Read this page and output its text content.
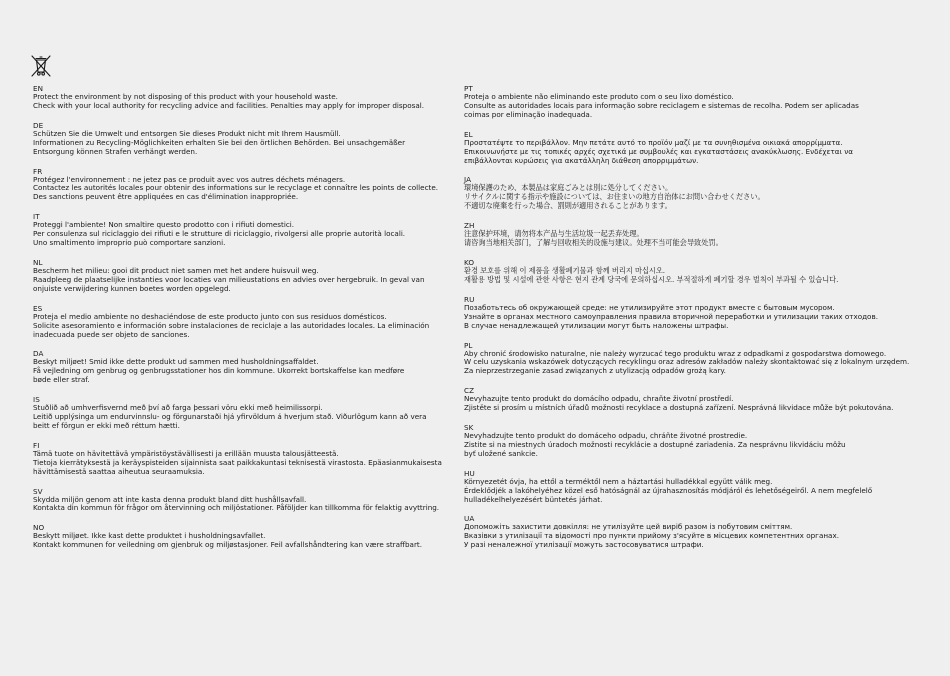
EN
Protect the environment by not disposing of this product with your household waste.
Check with your local authority for recycling advice and facilities. Penalties may apply for improper disposal.
DE
Schützen Sie die Umwelt und entsorgen Sie dieses Produkt nicht mit Ihrem Hausmüll.
Informationen zu Recycling-Möglichkeiten erhalten Sie bei den örtlichen Behörden. Bei unsachgemäßer
Entsorgung können Strafen verhängt werden.
FR
Protégez l'environnement : ne jetez pas ce produit avec vos autres déchets ménagers.
Contactez les autorités locales pour obtenir des informations sur le recyclage et connaître les points de collecte.
Des sanctions peuvent être appliquées en cas d'élimination inappropriée.
IT
Proteggi l'ambiente! Non smaltire questo prodotto con i rifiuti domestici.
Per consulenza sul riciclaggio dei rifiuti e le strutture di riciclaggio, rivolgersi alle proprie autorità locali.
Uno smaltimento improprio può comportare sanzioni.
NL
Bescherm het milieu: gooi dit product niet samen met het andere huisvuil weg.
Raadpleeg de plaatselijke instanties voor locaties van milieustations en advies over hergebruik. In geval van
onjuiste verwijdering kunnen boetes worden opgelegd.
ES
Proteja el medio ambiente no deshaciéndose de este producto junto con sus residuos domésticos.
Solicite asesoramiento e información sobre instalaciones de reciclaje a las autoridades locales. La eliminación
inadecuada puede ser objeto de sanciones.
DA
Beskyt miljøet! Smid ikke dette produkt ud sammen med husholdningsaffaldet.
Få vejledning om genbrug og genbrugsstationer hos din kommune. Ukorrekt bortskaffelse kan medføre
bøde eller straf.
IS
Stuðlið að umhverfisvernd með því að farga þessari vöru ekki með heimilissorpi.
Leitið upplýsinga um endurvinnslu- og förgunarstaði hjá yfirvöldum á hverjum stað. Viðurlögum kann að vera
beitt ef förgun er ekki með réttum hætti.
FI
Tämä tuote on hävitettävä ympäristöystävällisesti ja erillään muusta talousjätteestä.
Tietoja kierrätyksestä ja keräyspisteiden sijainnista saat paikkakuntasi teknisestä virastosta. Epäasianmukaisesta
hävittämisestä saattaa aiheutua seuraamuksia.
SV
Skydda miljön genom att inte kasta denna produkt bland ditt hushållsavfall.
Kontakta din kommun för frågor om återvinning och miljöstationer. Påföljder kan tillkomma för felaktig avyttring.
NO
Beskytt miljøet. Ikke kast dette produktet i husholdningsavfallet.
Kontakt kommunen for veiledning om gjenbruk og miljøstasjoner. Feil avfallshåndtering kan være straffbart.
PT
Proteja o ambiente não eliminando este produto com o seu lixo doméstico.
Consulte as autoridades locais para informação sobre reciclagem e sistemas de recolha. Podem ser aplicadas
coimas por eliminação inadequada.
EL
Προστατέψτε το περιβάλλον. Μην πετάτε αυτό το προϊόν μαζί με τα συνηθισμένα οικιακά απορρίμματα.
Επικοινωνήστε με τις τοπικές αρχές σχετικά με συμβουλές και εγκαταστάσεις ανακύκλωσης. Ενδέχεται να
επιβάλλονται κυρώσεις για ακατάλληλη διάθεση απορριμμάτων.
JA
環境保護のため、本製品は家庭ごみとは別に処分してください。
リサイクルに関する指示や施設については、お住まいの地方自治体にお問い合わせください。
不適切な廃棄を行った場合、罰則が適用されることがあります。
ZH
注意保护环境，请勿将本产品与生活垃圾一起丢弃处理。
请咨询当地相关部门，了解与回收相关的设施与建议。处理不当可能会导致处罚。
KO
환경 보호를 위해 이 제품을 생활폐기물과 함께 버리지 마십시오.
재활용 방법 및 시설에 관한 사항은 현지 관계 당국에 문의하십시오. 부적절하게 폐기할 경우 벌칙이 부과될 수 있습니다.
RU
Позаботьтесь об окружающей среде: не утилизируйте этот продукт вместе с бытовым мусором.
Узнайте в органах местного самоуправления правила вторичной переработки и утилизации таких отходов.
В случае ненадлежащей утилизации могут быть наложены штрафы.
PL
Aby chronić środowisko naturalne, nie należy wyrzucać tego produktu wraz z odpadkami z gospodarstwa domowego.
W celu uzyskania wskazówek dotyczących recyklingu oraz adresów zakładów należy skontaktować się z lokalnym urzędem.
Za nieprzestrzeganie zasad związanych z utylizacją odpadów grożą kary.
CZ
Nevyhazujte tento produkt do domácího odpadu, chraňte životní prostředí.
Zjistěte si prosím u místních úřadů možnosti recyklace a dostupná zařízení. Nesprávná likvidace může být pokutována.
SK
Nevyhadzujte tento produkt do domáceho odpadu, chráňte životné prostredie.
Zistite si na miestnych úradoch možnosti recyklácie a dostupné zariadenia. Za nesprávnu likvidáciu môžu
byť uložené sankcie.
HU
Környezetét óvja, ha ettől a terméktől nem a háztartási hulladékkal együtt válik meg.
Érdeklődjék a lakóhelyéhez közel eső hatóságnál az újrahasznosítás módjáról és lehetőségeiről. A nem megfelelő
hulladékelhelyezésért büntetés járhat.
UA
Допоможіть захистити довкілля: не утилізуйте цей виріб разом із побутовим сміттям.
Вказівки з утилізації та відомості про пункти прийому з'ясуйте в місцевих компетентних органах.
У разі неналежної утилізації можуть застосовуватися штрафи.
